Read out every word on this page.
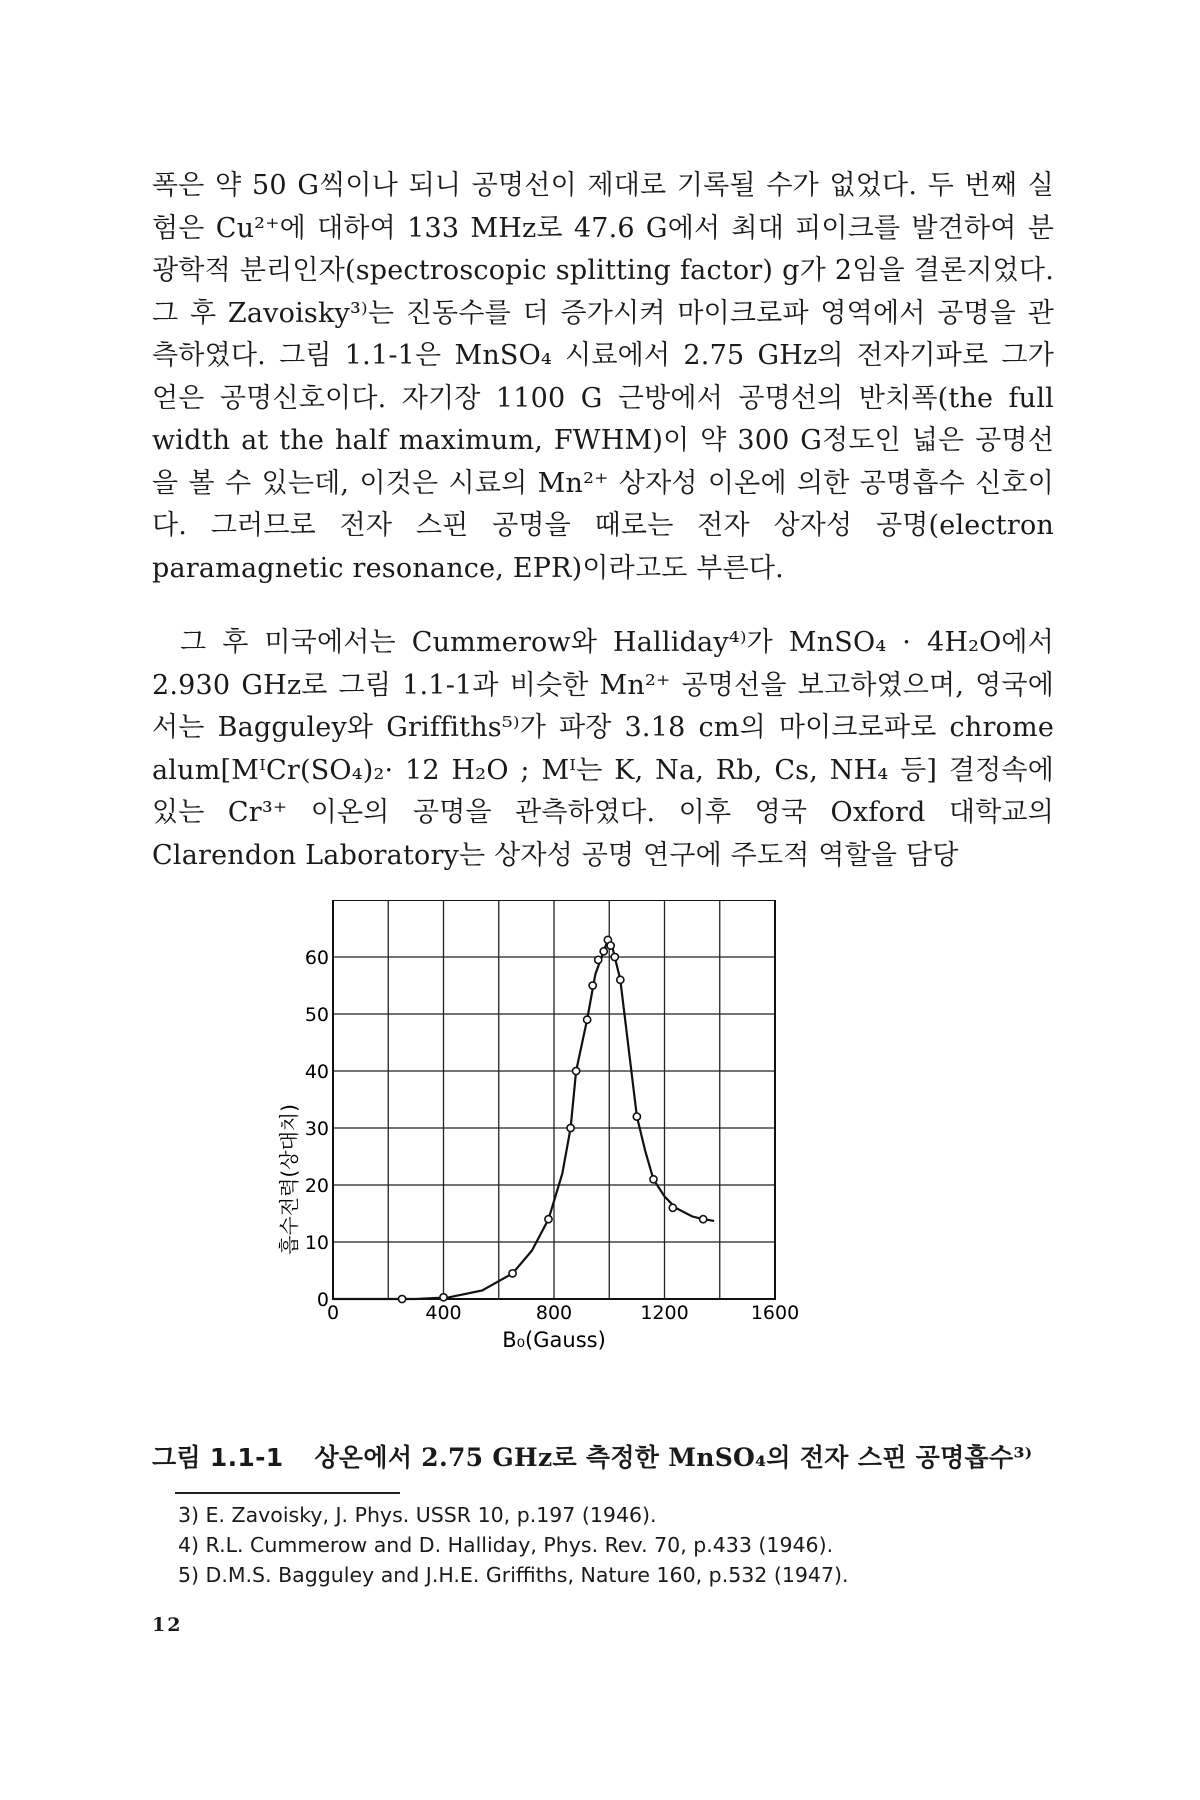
폭은 약 50 G씩이나 되니 공명선이 제대로 기록될 수가 없었다. 두 번째 실험은 Cu²⁺에 대하여 133 MHz로 47.6 G에서 최대 피이크를 발견하여 분광학적 분리인자(spectroscopic splitting factor) g가 2임을 결론지었다. 그 후 Zavoisky³⁾는 진동수를 더 증가시켜 마이크로파 영역에서 공명을 관측하였다. 그림 1.1-1은 MnSO₄ 시료에서 2.75 GHz의 전자기파로 그가 얻은 공명신호이다. 자기장 1100 G 근방에서 공명선의 반치폭(the full width at the half maximum, FWHM)이 약 300 G정도인 넓은 공명선을 볼 수 있는데, 이것은 시료의 Mn²⁺ 상자성 이온에 의한 공명흡수 신호이다. 그러므로 전자 스핀 공명을 때로는 전자 상자성 공명(electron paramagnetic resonance, EPR)이라고도 부른다.

그 후 미국에서는 Cummerow와 Halliday⁴⁾가 MnSO₄ · 4H₂O에서 2.930 GHz로 그림 1.1-1과 비슷한 Mn²⁺ 공명선을 보고하였으며, 영국에서는 Bagguley와 Griffiths⁵⁾가 파장 3.18 cm의 마이크로파로 chrome alum[MᴵCr(SO₄)₂· 12 H₂O ; Mᴵ는 K, Na, Rb, Cs, NH₄ 등] 결정속에 있는 Cr³⁺ 이온의 공명을 관측하였다. 이후 영국 Oxford 대학교의 Clarendon Laboratory는 상자성 공명 연구에 주도적 역할을 담당

0
10
20
30
40
50
60
0	400	800	1200	1600
B₀(Gauss)
흡수전력(상대치)
그림 1.1-1 상온에서 2.75 GHz로 측정한 MnSO₄의 전자 스핀 공명흡수³⁾
3) E. Zavoisky, J. Phys. USSR 10, p.197 (1946).
4) R.L. Cummerow and D. Halliday, Phys. Rev. 70, p.433 (1946).
5) D.M.S. Bagguley and J.H.E. Griffiths, Nature 160, p.532 (1947).
12
